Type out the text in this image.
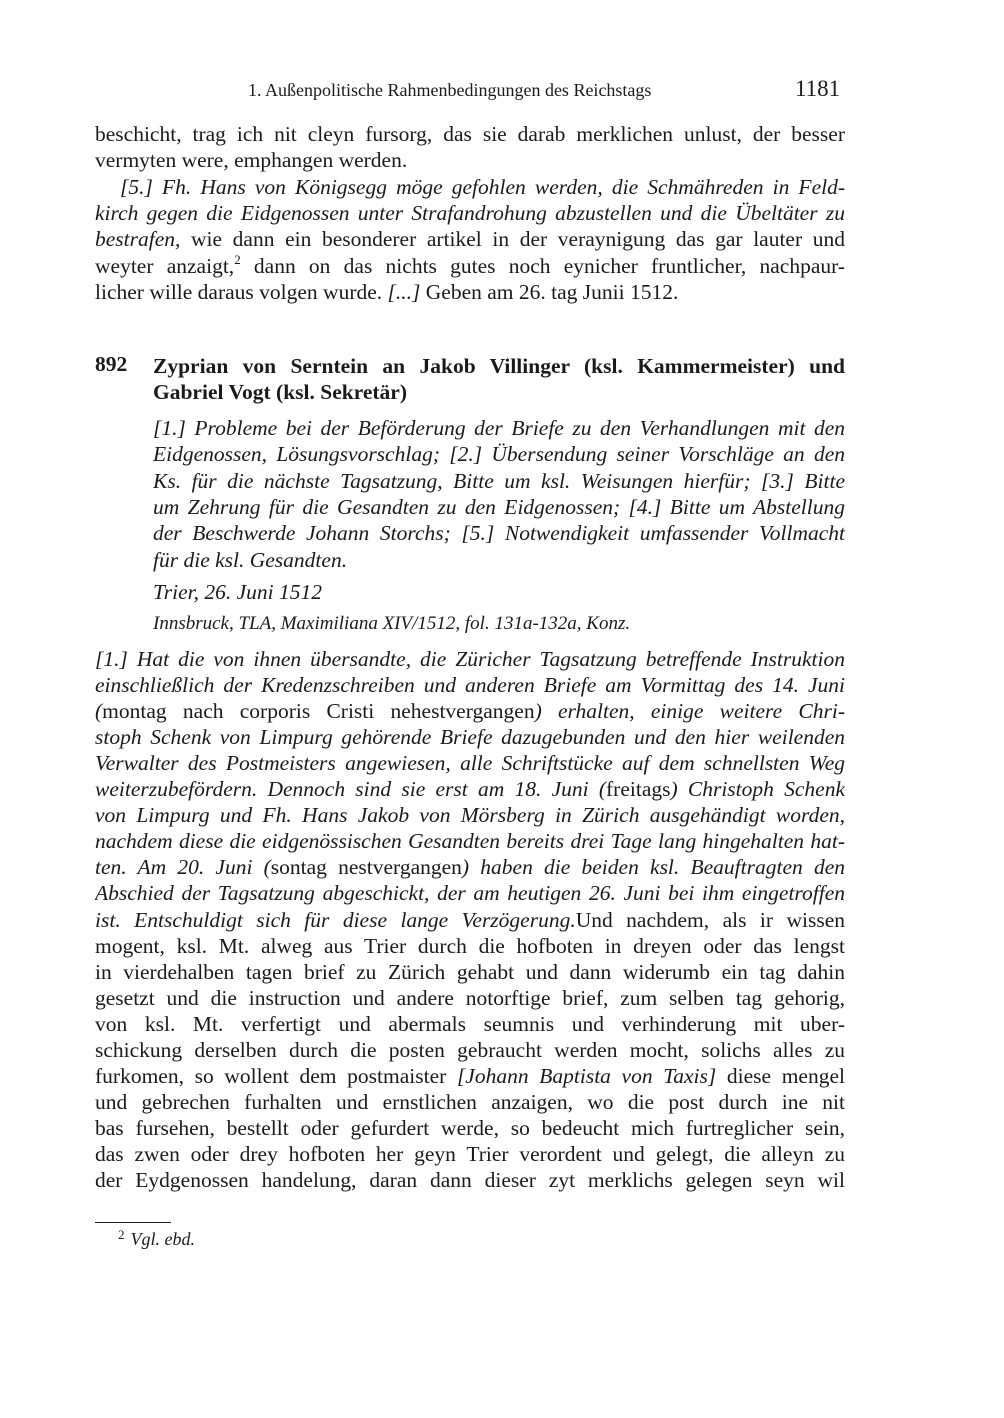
1. Außenpolitische Rahmenbedingungen des Reichstags	1181
beschicht, trag ich nit cleyn fursorg, das sie darab merklichen unlust, der besser
vermyten were, emphangen werden.
[5.] Fh. Hans von Königsegg möge gefohlen werden, die Schmähreden in Feld-
kirch gegen die Eidgenossen unter Strafandrohung abzustellen und die Übeltäter zu
bestrafen, wie dann ein besonderer artikel in der veraynigung das gar lauter und
weyter anzaigt,$^2$ dann on das nichts gutes noch eynicher fruntlicher, nachpaur-
licher wille daraus volgen wurde. [...] Geben am 26. tag Junii 1512.
892 Zyprian von Serntein an Jakob Villinger (ksl. Kammermeister) und
Gabriel Vogt (ksl. Sekretär)
[1.] Probleme bei der Beförderung der Briefe zu den Verhandlungen mit den
Eidgenossen, Lösungsvorschlag; [2.] Übersendung seiner Vorschläge an den
Ks. für die nächste Tagsatzung, Bitte um ksl. Weisungen hierfür; [3.] Bitte
um Zehrung für die Gesandten zu den Eidgenossen; [4.] Bitte um Abstellung
der Beschwerde Johann Storchs; [5.] Notwendigkeit umfassender Vollmacht
für die ksl. Gesandten.
Trier, 26. Juni 1512
Innsbruck, TLA, Maximiliana XIV/1512, fol. 131a-132a, Konz.
[1.] Hat die von ihnen übersandte, die Züricher Tagsatzung betreffende Instruktion
einschließlich der Kredenzschreiben und anderen Briefe am Vormittag des 14. Juni
(montag nach corporis Cristi nehestvergangen) erhalten, einige weitere Chri-
stoph Schenk von Limpurg gehörende Briefe dazugebunden und den hier weilenden
Verwalter des Postmeisters angewiesen, alle Schriftstücke auf dem schnellsten Weg
weiterzubefördern. Dennoch sind sie erst am 18. Juni (freitags) Christoph Schenk
von Limpurg und Fh. Hans Jakob von Mörsberg in Zürich ausgehändigt worden,
nachdem diese die eidgenössischen Gesandten bereits drei Tage lang hingehalten hat-
ten. Am 20. Juni (sontag nestvergangen) haben die beiden ksl. Beauftragten den
Abschied der Tagsatzung abgeschickt, der am heutigen 26. Juni bei ihm eingetroffen
ist. Entschuldigt sich für diese lange Verzögerung.Und nachdem, als ir wissen
mogent, ksl. Mt. alweg aus Trier durch die hofboten in dreyen oder das lengst
in vierdehalben tagen brief zu Zürich gehabt und dann widerumb ein tag dahin
gesetzt und die instruction und andere notorftige brief, zum selben tag gehorig,
von ksl. Mt. verfertigt und abermals seumnis und verhinderung mit uber-
schickung derselben durch die posten gebraucht werden mocht, solichs alles zu
furkomen, so wollent dem postmaister [Johann Baptista von Taxis] diese mengel
und gebrechen furhalten und ernstlichen anzaigen, wo die post durch ine nit
bas fursehen, bestellt oder gefurdert werde, so bedeucht mich furtreglicher sein,
das zwen oder drey hofboten her geyn Trier verordent und gelegt, die alleyn zu
der Eydgenossen handelung, daran dann dieser zyt merklichs gelegen seyn wil
$^2$ Vgl. ebd.
